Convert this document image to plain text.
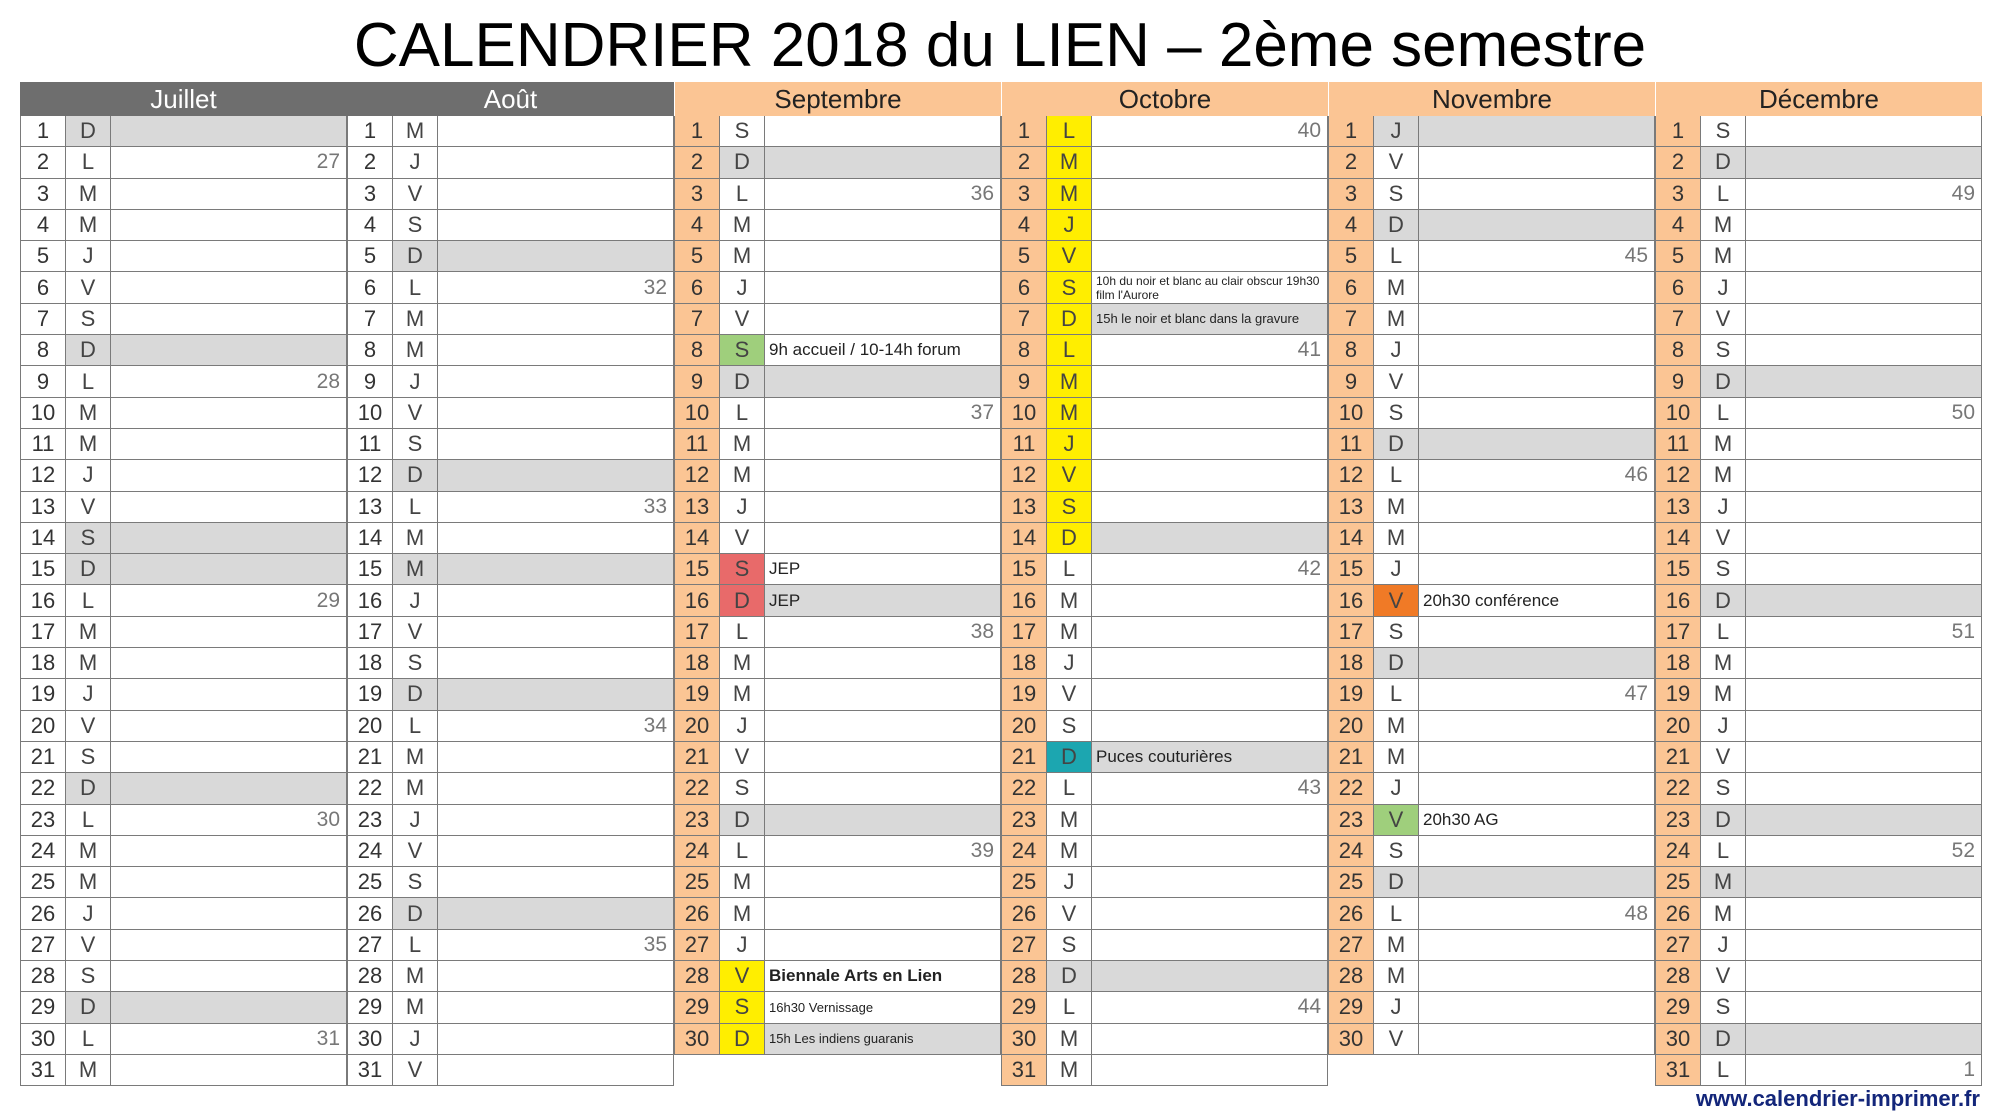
CALENDRIER 2018 du LIEN – 2ème semestre
Juillet
1	D
2	L	27
3	M
4	M
5	J
6	V
7	S
8	D
9	L	28
10	M
11	M
12	J
13	V
14	S
15	D
16	L	29
17	M
18	M
19	J
20	V
21	S
22	D
23	L	30
24	M
25	M
26	J
27	V
28	S
29	D
30	L	31
31	M
Août
1	M
2	J
3	V
4	S
5	D
6	L	32
7	M
8	M
9	J
10	V
11	S
12	D
13	L	33
14	M
15	M
16	J
17	V
18	S
19	D
20	L	34
21	M
22	M
23	J
24	V
25	S
26	D
27	L	35
28	M
29	M
30	J
31	V
Septembre
1	S
2	D
3	L	36
4	M
5	M
6	J
7	V
8	S	9h accueil / 10-14h forum
9	D
10	L	37
11	M
12	M
13	J
14	V
15	S	JEP
16	D	JEP
17	L	38
18	M
19	M
20	J
21	V
22	S
23	D
24	L	39
25	M
26	M
27	J
28	V	Biennale Arts en Lien
29	S	16h30 Vernissage
30	D	15h Les indiens guaranis
Octobre
1	L	40
2	M
3	M
4	J
5	V
6	S	10h du noir et blanc au clair obscur 19h30 film l'Aurore
7	D	15h le noir et blanc dans la gravure
8	L	41
9	M
10	M
11	J
12	V
13	S
14	D
15	L	42
16	M
17	M
18	J
19	V
20	S
21	D	Puces couturières
22	L	43
23	M
24	M
25	J
26	V
27	S
28	D
29	L	44
30	M
31	M
Novembre
1	J
2	V
3	S
4	D
5	L	45
6	M
7	M
8	J
9	V
10	S
11	D
12	L	46
13	M
14	M
15	J
16	V	20h30 conférence
17	S
18	D
19	L	47
20	M
21	M
22	J
23	V	20h30 AG
24	S
25	D
26	L	48
27	M
28	M
29	J
30	V
Décembre
1	S
2	D
3	L	49
4	M
5	M
6	J
7	V
8	S
9	D
10	L	50
11	M
12	M
13	J
14	V
15	S
16	D
17	L	51
18	M
19	M
20	J
21	V
22	S
23	D
24	L	52
25	M
26	M
27	J
28	V
29	S
30	D
31	L	1
www.calendrier-imprimer.fr
